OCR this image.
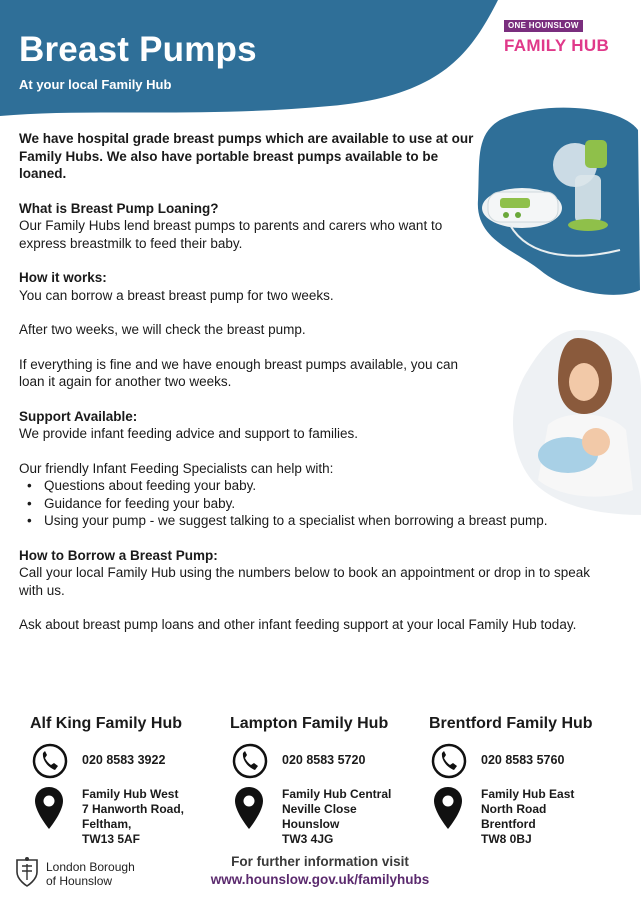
Breast Pumps
At your local Family Hub
ONE HOUNSLOW
FAMILY HUB

We have hospital grade breast pumps which are available to use at our Family Hubs. We also have portable breast pumps available to be loaned.

What is Breast Pump Loaning?
Our Family Hubs lend breast pumps to parents and carers who want to express breastmilk to feed their baby.

How it works:
You can borrow a breast breast pump for two weeks.

After two weeks, we will check the breast pump.

If everything is fine and we have enough breast pumps available, you can loan it again for another two weeks.

Support Available:
We provide infant feeding advice and support to families.

Our friendly Infant Feeding Specialists can help with:
• Questions about feeding your baby.
• Guidance for feeding your baby.
• Using your pump - we suggest talking to a specialist when borrowing a breast pump.

How to Borrow a Breast Pump:
Call your local Family Hub using the numbers below to book an appointment or drop in to speak with us.

Ask about breast pump loans and other infant feeding support at your local Family Hub today.

Alf King Family Hub
020 8583 3922
Family Hub West
7 Hanworth Road,
Feltham,
TW13 5AF
Lampton Family Hub
020 8583 5720
Family Hub Central
Neville Close
Hounslow
TW3 4JG
Brentford Family Hub
020 8583 5760
Family Hub East
North Road
Brentford
TW8 0BJ
London Borough
of Hounslow
For further information visit
www.hounslow.gov.uk/familyhubs
